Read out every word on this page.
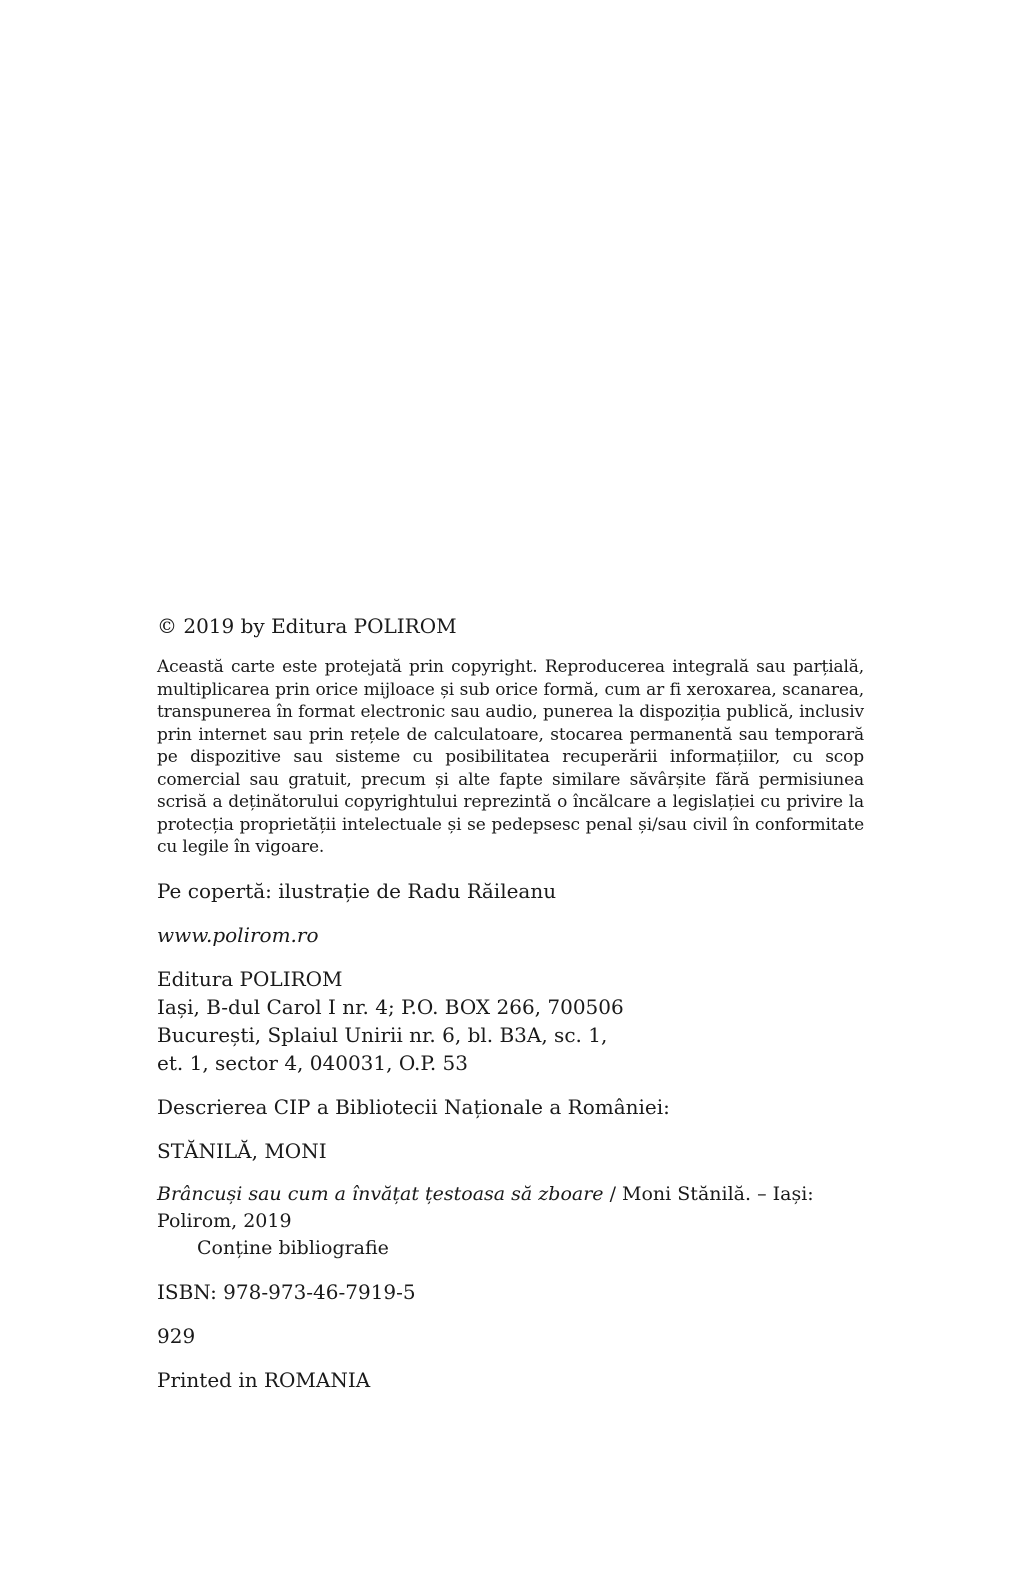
© 2019 by Editura POLIROM

Această carte este protejată prin copyright. Reproducerea integrală sau parțială, multiplicarea prin orice mijloace și sub orice formă, cum ar fi xeroxarea, scanarea, transpunerea în format electronic sau audio, punerea la dispoziția publică, inclusiv prin internet sau prin rețele de calculatoare, stocarea permanentă sau temporară pe dispozitive sau sisteme cu posibilitatea recuperării informațiilor, cu scop comercial sau gratuit, precum și alte fapte similare săvârșite fără permisiunea scrisă a deținătorului copyrightului reprezintă o încălcare a legislației cu privire la protecția proprietății intelectuale și se pedepsesc penal și/sau civil în conformitate cu legile în vigoare.

Pe copertă: ilustrație de Radu Răileanu

www.polirom.ro

Editura POLIROM

Iași, B-dul Carol I nr. 4; P.O. BOX 266, 700506

București, Splaiul Unirii nr. 6, bl. B3A, sc. 1,

et. 1, sector 4, 040031, O.P. 53

Descrierea CIP a Bibliotecii Naționale a României:

STĂNILĂ, MONI

Brâncuși sau cum a învățat țestoasa să zboare / Moni Stănilă. – Iași: Polirom, 2019

Conține bibliografie

ISBN: 978-973-46-7919-5

929

Printed in ROMANIA
